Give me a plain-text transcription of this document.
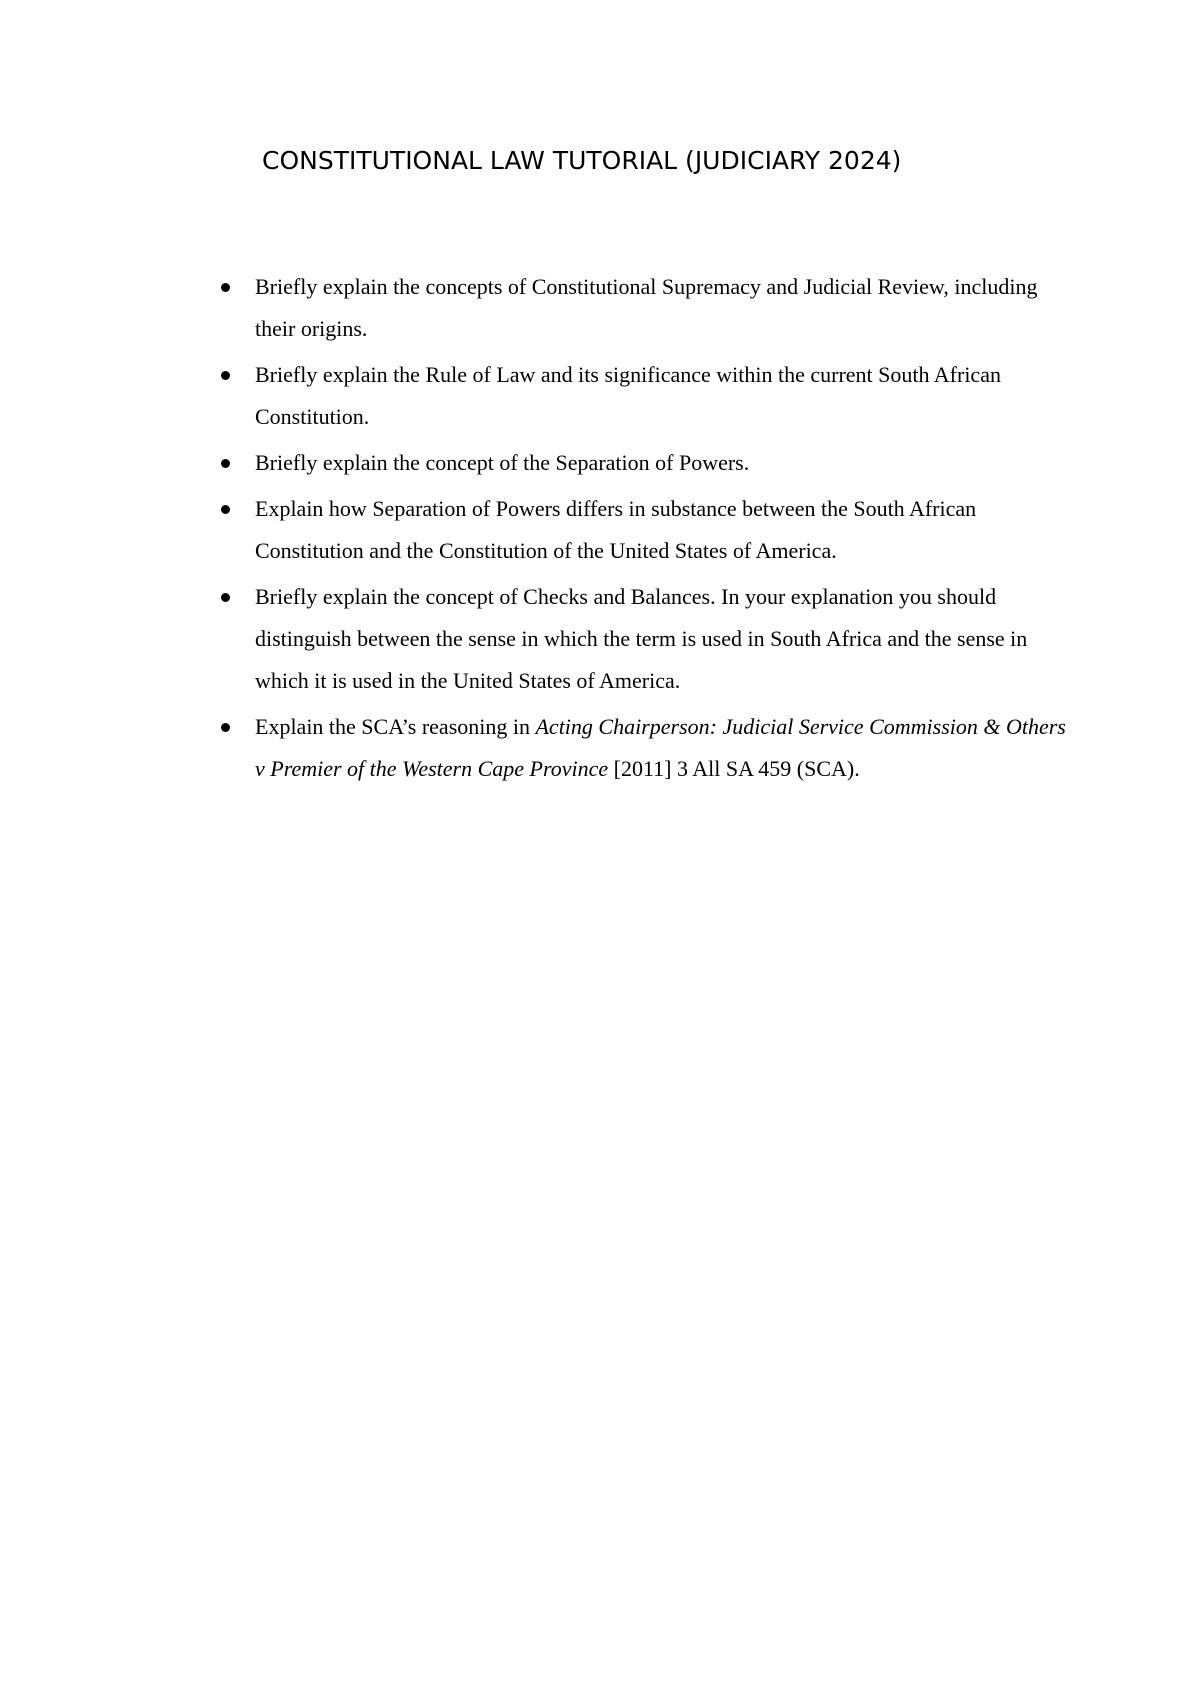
CONSTITUTIONAL LAW TUTORIAL (JUDICIARY 2024)
Briefly explain the concepts of Constitutional Supremacy and Judicial Review, including their origins.
Briefly explain the Rule of Law and its significance within the current South African Constitution.
Briefly explain the concept of the Separation of Powers.
Explain how Separation of Powers differs in substance between the South African Constitution and the Constitution of the United States of America.
Briefly explain the concept of Checks and Balances. In your explanation you should distinguish between the sense in which the term is used in South Africa and the sense in which it is used in the United States of America.
Explain the SCA’s reasoning in Acting Chairperson: Judicial Service Commission & Others v Premier of the Western Cape Province [2011] 3 All SA 459 (SCA).
